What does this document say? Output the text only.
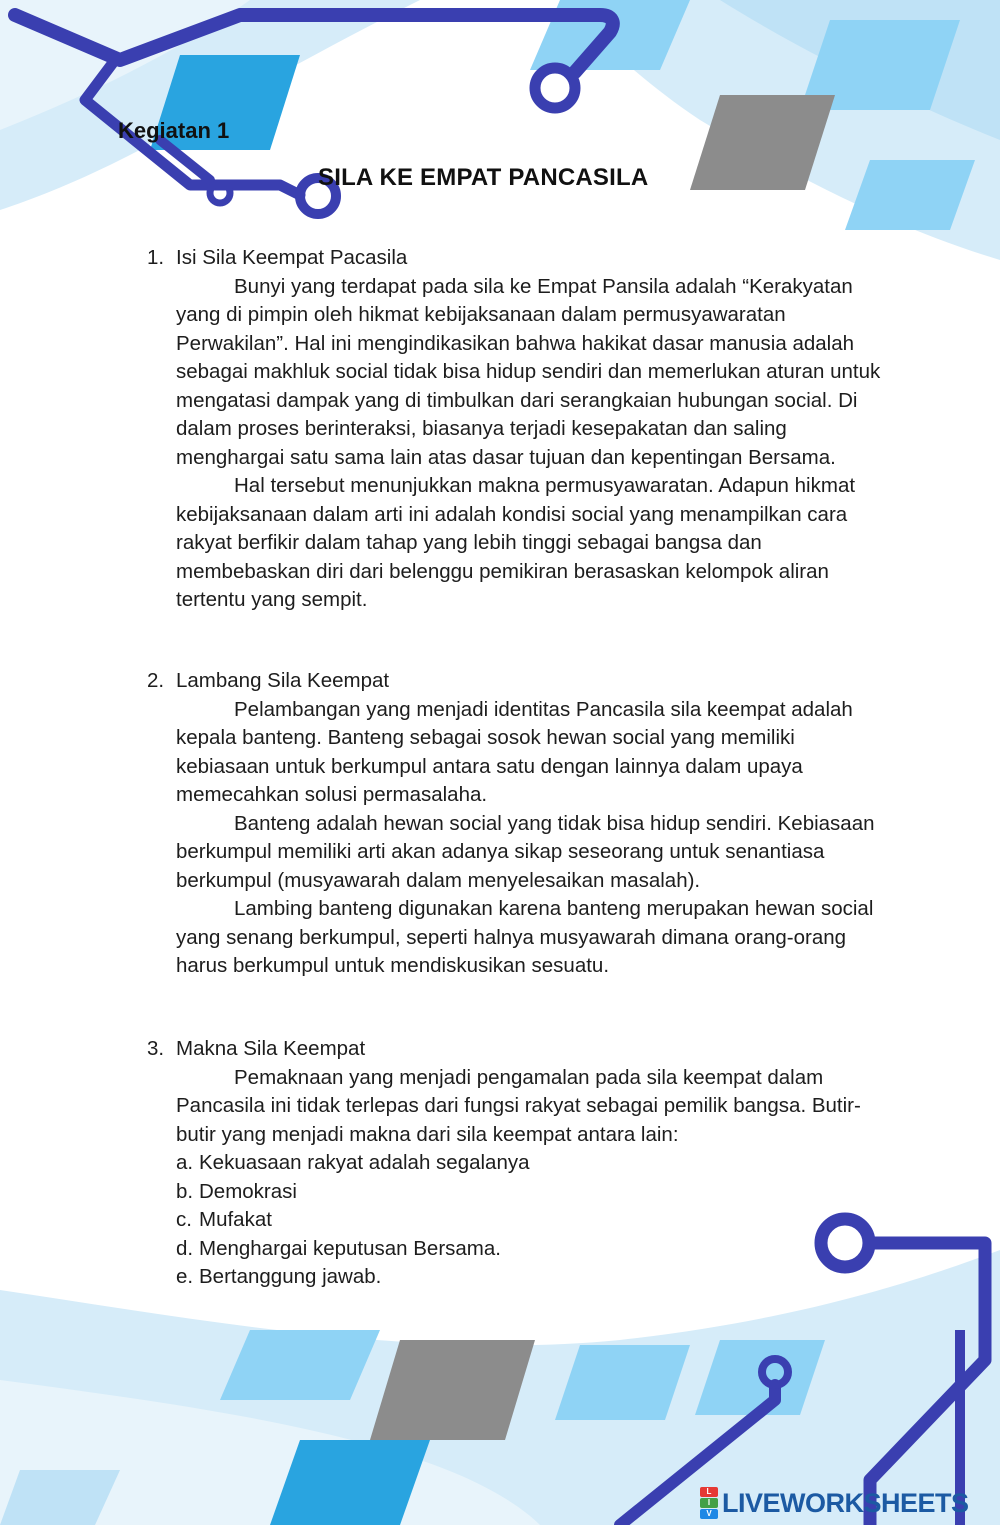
Kegiatan 1
SILA KE EMPAT PANCASILA
1. Isi Sila Keempat Pacasila

Bunyi yang terdapat pada sila ke Empat Pansila adalah “Kerakyatan yang di pimpin oleh hikmat kebijaksanaan dalam permusyawaratan Perwakilan”. Hal ini mengindikasikan bahwa hakikat dasar manusia adalah sebagai makhluk social tidak bisa hidup sendiri dan memerlukan aturan untuk mengatasi dampak yang di timbulkan dari serangkaian hubungan social. Di dalam proses berinteraksi, biasanya terjadi kesepakatan dan saling menghargai satu sama lain atas dasar tujuan dan kepentingan Bersama.

Hal tersebut menunjukkan makna permusyawaratan. Adapun hikmat kebijaksanaan dalam arti ini adalah kondisi social yang menampilkan cara rakyat berfikir dalam tahap yang lebih tinggi sebagai bangsa dan membebaskan diri dari belenggu pemikiran berasaskan kelompok aliran tertentu yang sempit.

2. Lambang Sila Keempat

Pelambangan yang menjadi identitas Pancasila sila keempat adalah kepala banteng. Banteng sebagai sosok hewan social yang memiliki kebiasaan untuk berkumpul antara satu dengan lainnya dalam upaya memecahkan solusi permasalaha.

Banteng adalah hewan social yang tidak bisa hidup sendiri. Kebiasaan berkumpul memiliki arti akan adanya sikap seseorang untuk senantiasa berkumpul (musyawarah dalam menyelesaikan masalah).

Lambing banteng digunakan karena banteng merupakan hewan social yang senang berkumpul, seperti halnya musyawarah dimana orang-orang harus berkumpul untuk mendiskusikan sesuatu.

3. Makna Sila Keempat

Pemaknaan yang menjadi pengamalan pada sila keempat dalam Pancasila ini tidak terlepas dari fungsi rakyat sebagai pemilik bangsa. Butir-butir yang menjadi makna dari sila keempat antara lain:

a. Kekuasaan rakyat adalah segalanya
b. Demokrasi
c. Mufakat
d. Menghargai keputusan Bersama.
e. Bertanggung jawab.
L
I
V LIVEWORKSHEETS
